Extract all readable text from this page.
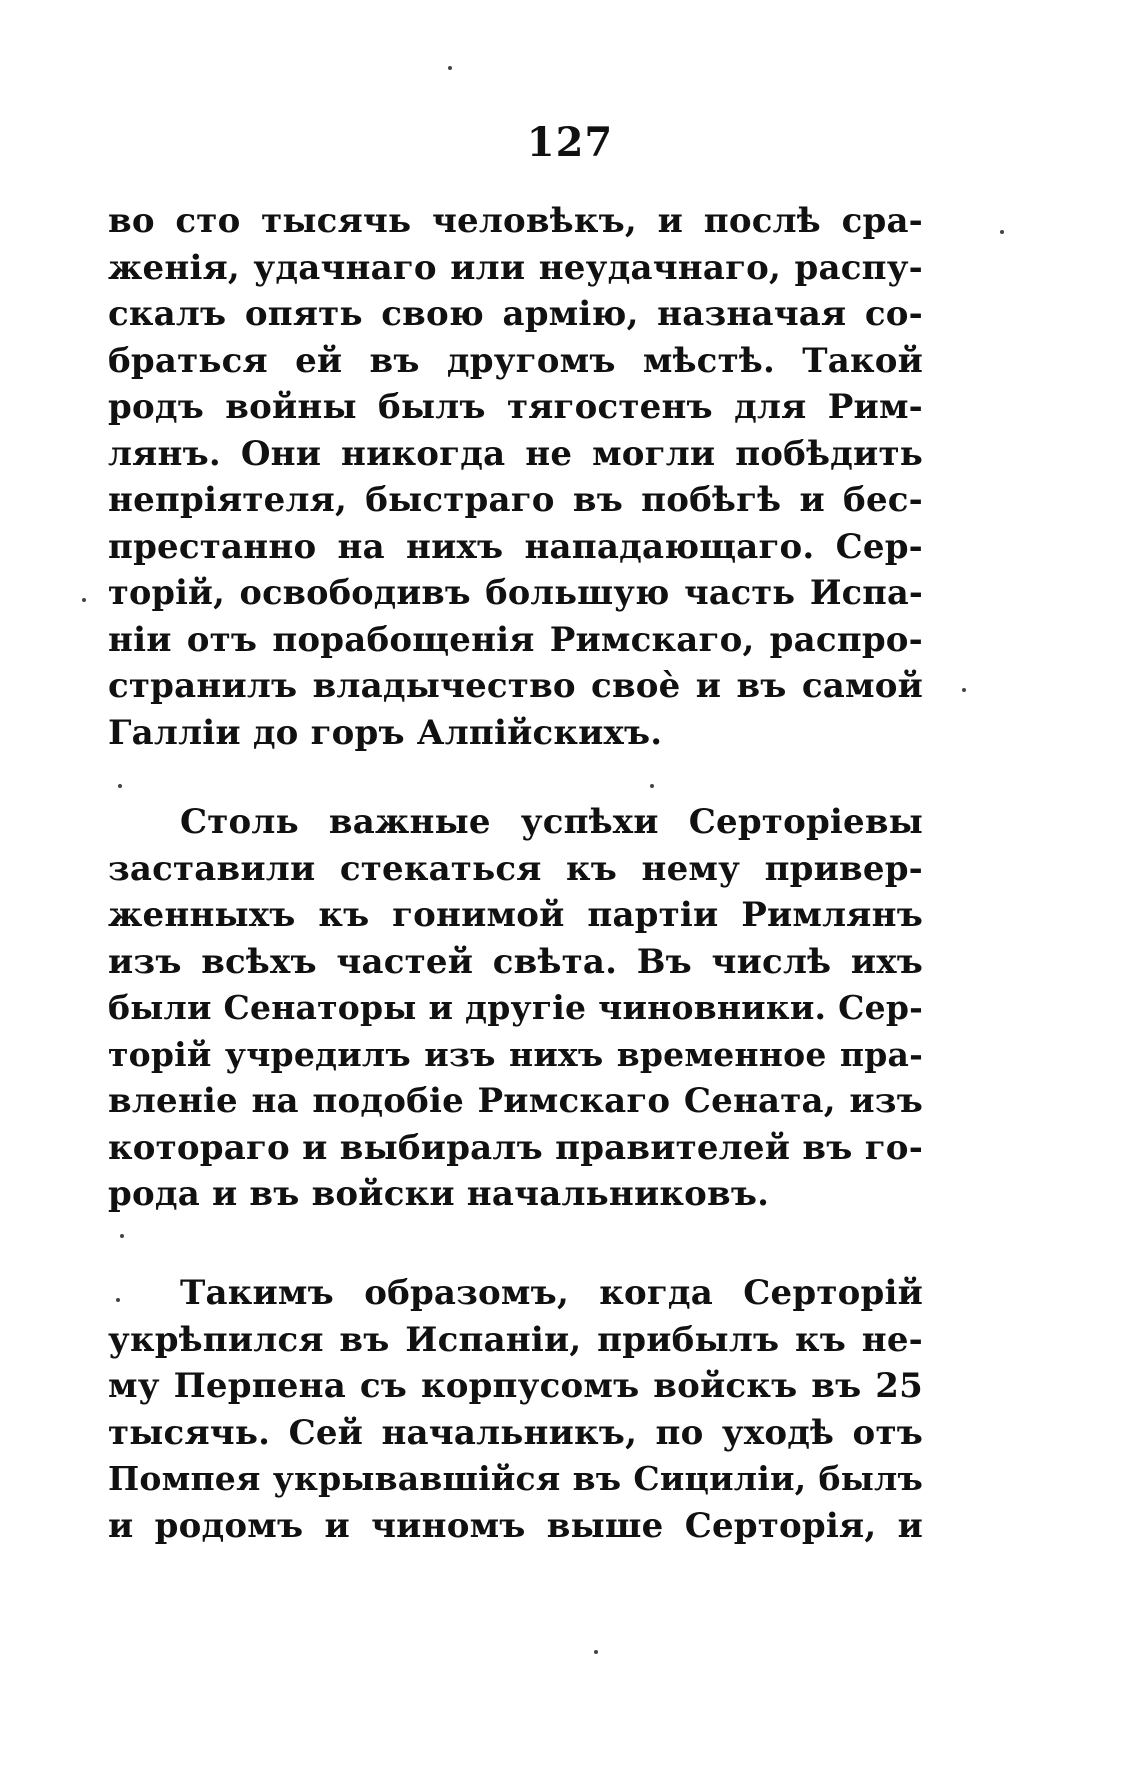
127
во сто тысячь человѣкъ, и послѣ сра-
женія, удачнаго или неудачнаго, распу-
скалъ опять свою армію, назначая со-
браться ей въ другомъ мѣстѣ. Такой
родъ войны былъ тягостенъ для Рим-
лянъ. Они никогда не могли побѣдить
непріятеля, быстраго въ побѣгѣ и бес-
престанно на нихъ нападающаго. Сер-
торій, освободивъ большую часть Испа-
ніи отъ порабощенія Римскаго, распро-
странилъ владычество своѐ и въ самой
Галліи до горъ Алпійскихъ.
Столь важные успѣхи Серторіевы
заставили стекаться къ нему привер-
женныхъ къ гонимой партіи Римлянъ
изъ всѣхъ частей свѣта. Въ числѣ ихъ
были Сенаторы и другіе чиновники. Сер-
торій учредилъ изъ нихъ временное пра-
вленіе на подобіе Римскаго Сената, изъ
котораго и выбиралъ правителей въ го-
рода и въ войски начальниковъ.
Такимъ образомъ, когда Серторій
укрѣпился въ Испаніи, прибылъ къ не-
му Перпена съ корпусомъ войскъ въ 25
тысячь. Сей начальникъ, по уходѣ отъ
Помпея укрывавшійся въ Сициліи, былъ
и родомъ и чиномъ выше Серторія, и
